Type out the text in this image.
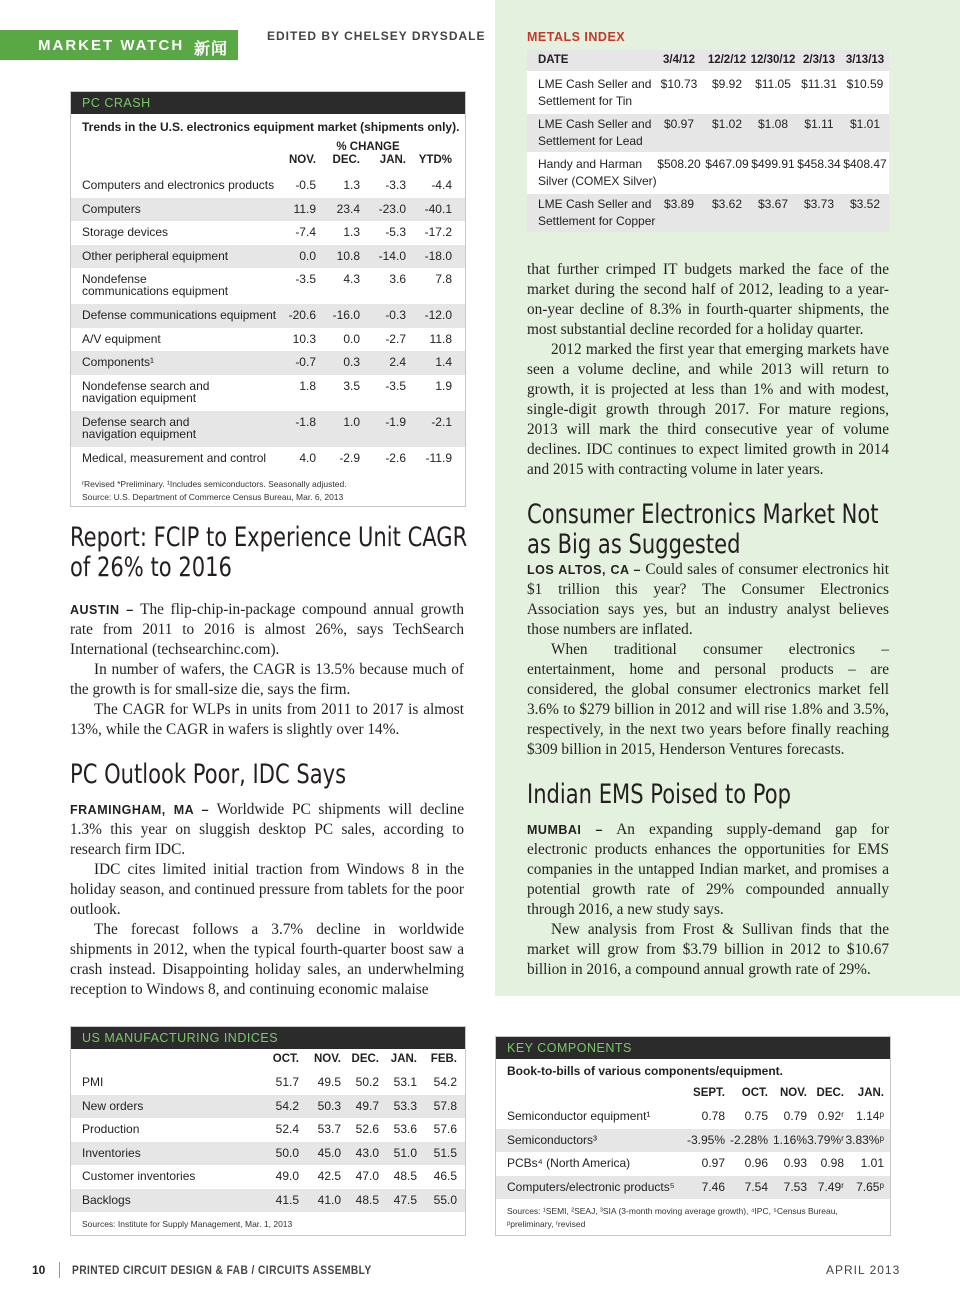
MARKET WATCH 新闻
EDITED BY CHELSEY DRYSDALE
PC CRASH
Trends in the U.S. electronics equipment market (shipments only).
% CHANGE
NOV.	DEC.	JAN.	YTD%
Computers and electronics products	-0.5	1.3	-3.3	-4.4
Computers	11.9	23.4	-23.0	-40.1
Storage devices	-7.4	1.3	-5.3	-17.2
Other peripheral equipment	0.0	10.8	-14.0	-18.0
Nondefense
communications equipment
-3.5	4.3	3.6	7.8
Defense communications equipment	-20.6	-16.0	-0.3	-12.0
A/V equipment	10.3	0.0	-2.7	11.8
Components¹	-0.7	0.3	2.4	1.4
Nondefense search and
navigation equipment
1.8	3.5	-3.5	1.9
Defense search and
navigation equipment
-1.8	1.0	-1.9	-2.1
Medical, measurement and control	4.0	-2.9	-2.6	-11.9
ʳRevised *Preliminary. ¹Includes semiconductors. Seasonally adjusted.
Source: U.S. Department of Commerce Census Bureau, Mar. 6, 2013
Report: FCIP to Experience Unit CAGR
of 26% to 2016

AUSTIN – The flip-chip-in-package compound annual growth rate from 2011 to 2016 is almost 26%, says TechSearch International (techsearchinc.com).

In number of wafers, the CAGR is 13.5% because much of the growth is for small-size die, says the firm.

The CAGR for WLPs in units from 2011 to 2017 is almost 13%, while the CAGR in wafers is slightly over 14%.

PC Outlook Poor, IDC Says

FRAMINGHAM, MA – Worldwide PC shipments will decline 1.3% this year on sluggish desktop PC sales, according to research firm IDC.

IDC cites limited initial traction from Windows 8 in the holiday season, and continued pressure from tablets for the poor outlook.

The forecast follows a 3.7% decline in worldwide shipments in 2012, when the typical fourth-quarter boost saw a crash instead. Disappointing holiday sales, an underwhelming reception to Windows 8, and continuing economic malaise

METALS INDEX
DATE	3/4/12	12/2/12 12/30/12 2/3/13 3/13/13
LME Cash Seller and
Settlement for Tin
$10.73	$9.92	$11.05 $11.31 $10.59
LME Cash Seller and
Settlement for Lead
$0.97	$1.02	$1.08	$1.11	$1.01
Handy and Harman
Silver (COMEX Silver)
$508.20 $467.09 $499.91 $458.34 $408.47
LME Cash Seller and
Settlement for Copper
$3.89	$3.62	$3.67	$3.73	$3.52

that further crimped IT budgets marked the face of the market during the second half of 2012, leading to a year-on-year decline of 8.3% in fourth-quarter shipments, the most substantial decline recorded for a holiday quarter.

2012 marked the first year that emerging markets have seen a volume decline, and while 2013 will return to growth, it is projected at less than 1% and with modest, single-digit growth through 2017. For mature regions, 2013 will mark the third consecutive year of volume declines. IDC continues to expect limited growth in 2014 and 2015 with contracting volume in later years.

Consumer Electronics Market Not
as Big as Suggested

LOS ALTOS, CA – Could sales of consumer electronics hit $1 trillion this year? The Consumer Electronics Association says yes, but an industry analyst believes those numbers are inflated.

When traditional consumer electronics – entertainment, home and personal products – are considered, the global consumer electronics market fell 3.6% to $279 billion in 2012 and will rise 1.8% and 3.5%, respectively, in the next two years before finally reaching $309 billion in 2015, Henderson Ventures forecasts.

Indian EMS Poised to Pop

MUMBAI – An expanding supply-demand gap for electronic products enhances the opportunities for EMS companies in the untapped Indian market, and promises a potential growth rate of 29% compounded annually through 2016, a new study says.

New analysis from Frost & Sullivan finds that the market will grow from $3.79 billion in 2012 to $10.67 billion in 2016, a compound annual growth rate of 29%.

US MANUFACTURING INDICES
OCT.	NOV. DEC.	JAN.	FEB.
PMI	51.7	49.5	50.2	53.1	54.2
New orders	54.2	50.3	49.7	53.3	57.8
Production	52.4	53.7	52.6	53.6	57.6
Inventories	50.0	45.0	43.0	51.0	51.5
Customer inventories	49.0	42.5	47.0	48.5	46.5
Backlogs	41.5	41.0	48.5	47.5	55.0
Sources: Institute for Supply Management, Mar. 1, 2013
KEY COMPONENTS
Book-to-bills of various components/equipment.
SEPT.	OCT.	NOV. DEC.	JAN.
Semiconductor equipment¹	0.78	0.75	0.79 0.92ʳ	1.14ᵖ
Semiconductors³	-3.95% -2.28% 1.16% 3.79%ʳ 3.83%ᵖ
PCBs⁴ (North America)	0.97	0.96	0.93	0.98	1.01
Computers/electronic products⁵	7.46	7.54	7.53 7.49ʳ	7.65ᵖ
Sources: ¹SEMI, ²SEAJ, ³SIA (3-month moving average growth), ⁴IPC, ⁵Census Bureau,
ᵖpreliminary, ʳrevised
10 PRINTED CIRCUIT DESIGN & FAB / CIRCUITS ASSEMBLY	APRIL 2013
